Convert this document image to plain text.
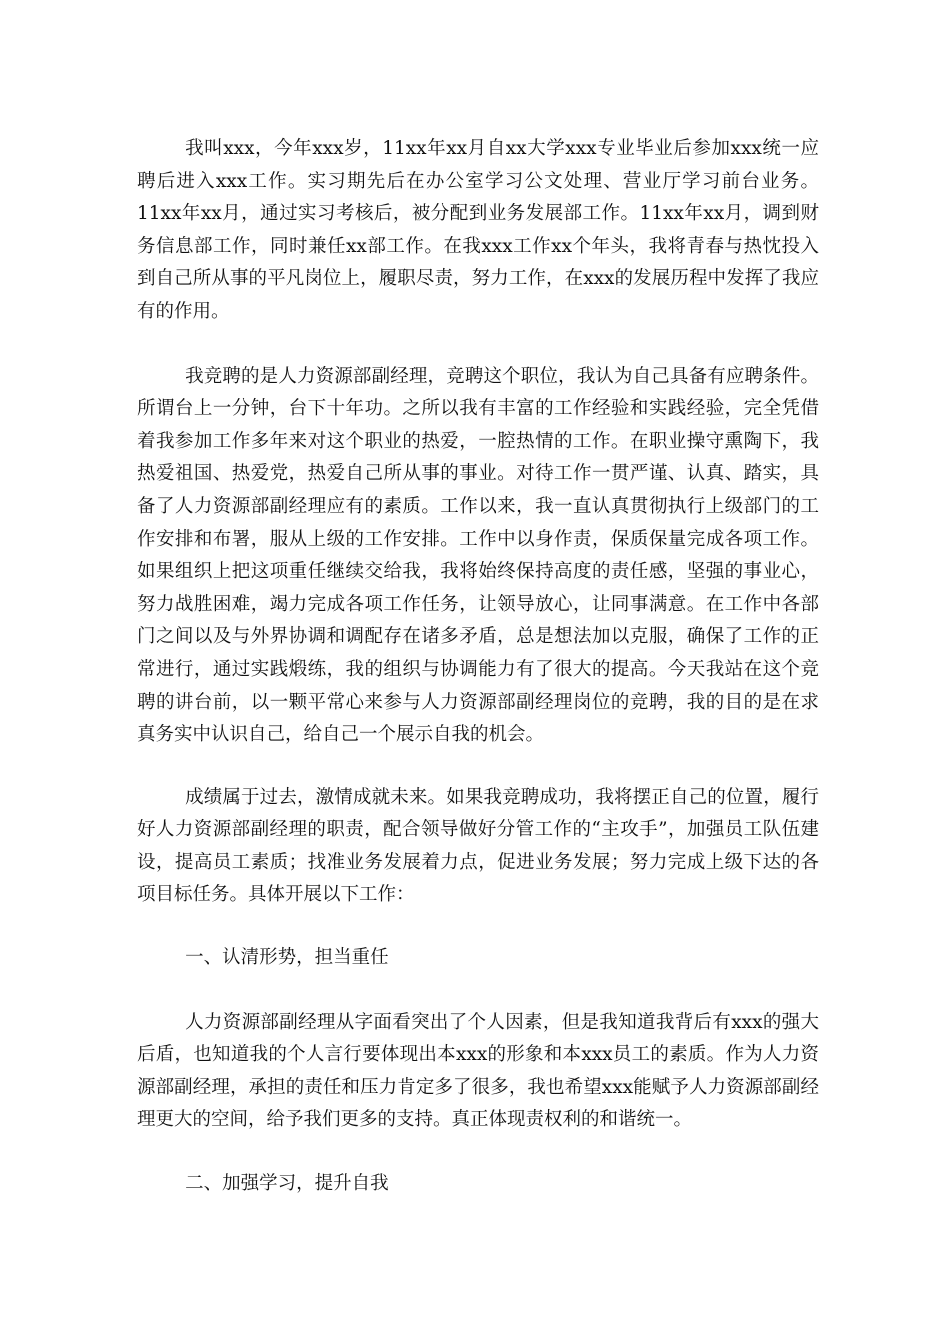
我叫xxx，今年xxx岁，11xx年xx月自xx大学xxx专业毕业后参加xxx统一应聘后进入xxx工作。实习期先后在办公室学习公文处理、营业厅学习前台业务。11xx年xx月，通过实习考核后，被分配到业务发展部工作。11xx年xx月，调到财务信息部工作，同时兼任xx部工作。在我xxx工作xx个年头，我将青春与热忱投入到自己所从事的平凡岗位上，履职尽责，努力工作，在xxx的发展历程中发挥了我应有的作用。

我竞聘的是人力资源部副经理，竞聘这个职位，我认为自己具备有应聘条件。所谓台上一分钟，台下十年功。之所以我有丰富的工作经验和实践经验，完全凭借着我参加工作多年来对这个职业的热爱，一腔热情的工作。在职业操守熏陶下，我热爱祖国、热爱党，热爱自己所从事的事业。对待工作一贯严谨、认真、踏实，具备了人力资源部副经理应有的素质。工作以来，我一直认真贯彻执行上级部门的工作安排和布署，服从上级的工作安排。工作中以身作责，保质保量完成各项工作。如果组织上把这项重任继续交给我，我将始终保持高度的责任感，坚强的事业心，努力战胜困难，竭力完成各项工作任务，让领导放心，让同事满意。在工作中各部门之间以及与外界协调和调配存在诸多矛盾，总是想法加以克服，确保了工作的正常进行，通过实践煅练，我的组织与协调能力有了很大的提高。今天我站在这个竞聘的讲台前，以一颗平常心来参与人力资源部副经理岗位的竞聘，我的目的是在求真务实中认识自己，给自己一个展示自我的机会。

成绩属于过去，激情成就未来。如果我竞聘成功，我将摆正自己的位置，履行好人力资源部副经理的职责，配合领导做好分管工作的“主攻手”，加强员工队伍建设，提高员工素质；找准业务发展着力点，促进业务发展；努力完成上级下达的各项目标任务。具体开展以下工作：

一、认清形势，担当重任

人力资源部副经理从字面看突出了个人因素，但是我知道我背后有xxx的强大后盾，也知道我的个人言行要体现出本xxx的形象和本xxx员工的素质。作为人力资源部副经理，承担的责任和压力肯定多了很多，我也希望xxx能赋予人力资源部副经理更大的空间，给予我们更多的支持。真正体现责权利的和谐统一。

二、加强学习，提升自我
